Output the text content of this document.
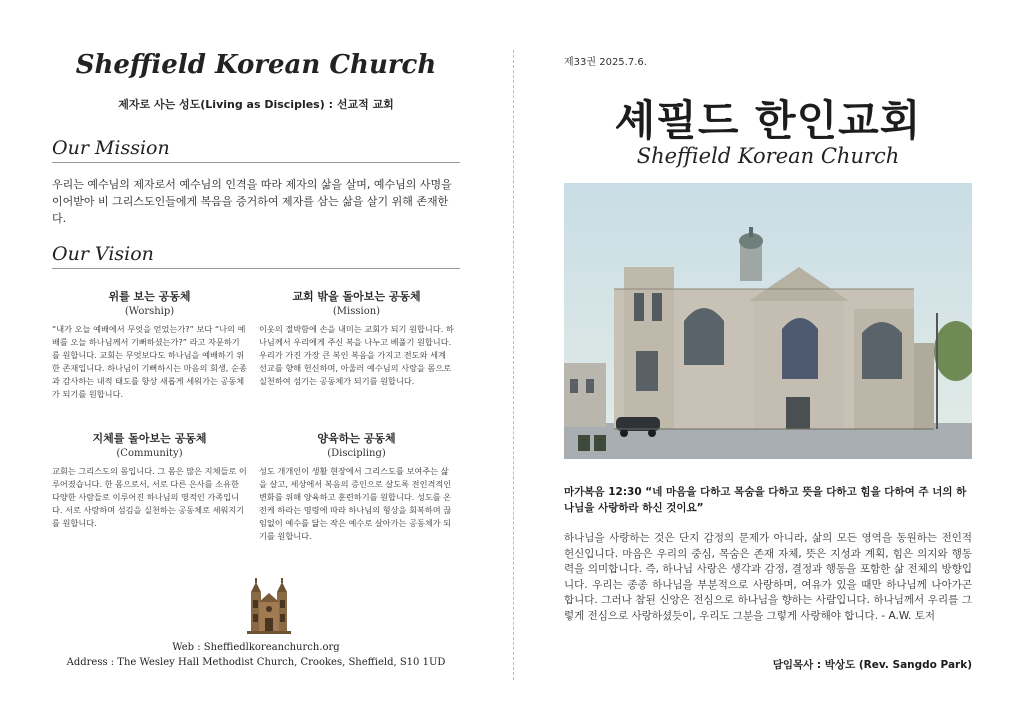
Sheffield Korean Church
제자로 사는 성도(Living as Disciples) : 선교적 교회
Our Mission
우리는 예수님의 제자로서 예수님의 인격을 따라 제자의 삶을 살며, 예수님의 사명을 이어받아 비 그리스도인들에게 복음을 증거하여 제자를 삼는 삶을 살기 위해 존재한다.
Our Vision
위를 보는 공동체
(Worship)
“내가 오늘 예배에서 무엇을 얻었는가?” 보다 “나의 예배를 오늘 하나님께서 기뻐하셨는가?” 라고 자문하기를 원합니다. 교회는 무엇보다도 하나님을 예배하기 위한 존재입니다. 하나님이 기뻐하시는 마음의 회생, 순종과 감사하는 내적 태도를 항상 새롭게 세워가는 공동체가 되기를 원합니다.
교회 밖을 돌아보는 공동체
(Mission)
이웃의 절박함에 손을 내미는 교회가 되기 원합니다. 하나님께서 우리에게 주신 복을 나누고 베풀기 원합니다. 우리가 가진 가장 큰 복인 복음을 가지고 전도와 세계 선교를 향해 헌신하며, 아울러 예수님의 사랑을 몸으로 실천하여 섬기는 공동체가 되기를 원합니다.
지체를 돌아보는 공동체
(Community)
교회는 그리스도의 몸입니다. 그 몸은 많은 지체들로 이루어졌습니다. 한 몸으로서, 서로 다른 은사를 소유한 다양한 사람들로 이루어진 하나님의 영적인 가족입니다. 서로 사랑하며 섬김을 실천하는 공동체로 세워지기를 원합니다.
양육하는 공동체
(Discipling)
성도 개개인이 생활 현장에서 그리스도를 보여주는 삶을 살고, 세상에서 복음의 증인으로 살도록 전인격적인 변화를 위해 양육하고 훈련하기를 원합니다. 성도를 온전케 하라는 명령에 따라 하나님의 형상을 회복하며 끊임없이 예수를 닮는 작은 예수로 살아가는 공동체가 되기를 원합니다.
Web : Sheffiedlkoreanchurch.org
Address : The Wesley Hall Methodist Church, Crookes, Sheffield, S10 1UD
제33권 2025.7.6.
셰필드 한인교회
Sheffield Korean Church
마가복음 12:30 “네 마음을 다하고 목숨을 다하고 뜻을 다하고 힘을 다하여 주 너의 하나님을 사랑하라 하신 것이요”
하나님을 사랑하는 것은 단지 감정의 문제가 아니라, 삶의 모든 영역을 동원하는 전인적 헌신입니다. 마음은 우리의 중심, 목숨은 존재 자체, 뜻은 지성과 계획, 힘은 의지와 행동력을 의미합니다. 즉, 하나님 사랑은 생각과 감정, 결정과 행동을 포함한 삶 전체의 방향입니다. 우리는 종종 하나님을 부분적으로 사랑하며, 여유가 있을 때만 하나님께 나아가곤 합니다. 그러나 참된 신앙은 전심으로 하나님을 향하는 사람입니다. 하나님께서 우리를 그렇게 전심으로 사랑하셨듯이, 우리도 그분을 그렇게 사랑해야 합니다. - A.W. 토저
담임목사 : 박상도 (Rev. Sangdo Park)
